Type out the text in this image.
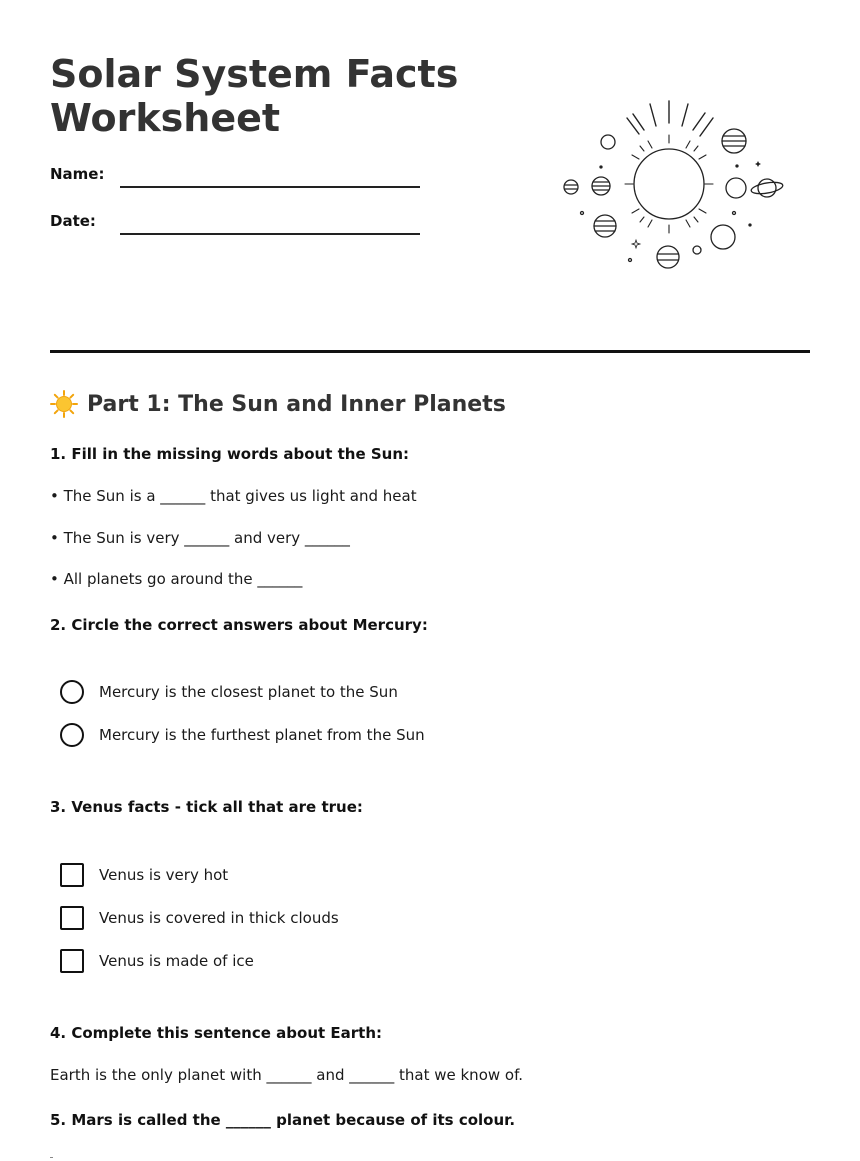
Solar System Facts
Worksheet
Name:
Date:
Part 1: The Sun and Inner Planets

1. Fill in the missing words about the Sun:

• The Sun is a ______ that gives us light and heat
• The Sun is very ______ and very ______
• All planets go around the ______

2. Circle the correct answers about Mercury:

Mercury is the closest planet to the Sun
Mercury is the furthest planet from the Sun

3. Venus facts - tick all that are true:

Venus is very hot
Venus is covered in thick clouds
Venus is made of ice

4. Complete this sentence about Earth:

Earth is the only planet with ______ and ______ that we know of.

5. Mars is called the ______ planet because of its colour.
